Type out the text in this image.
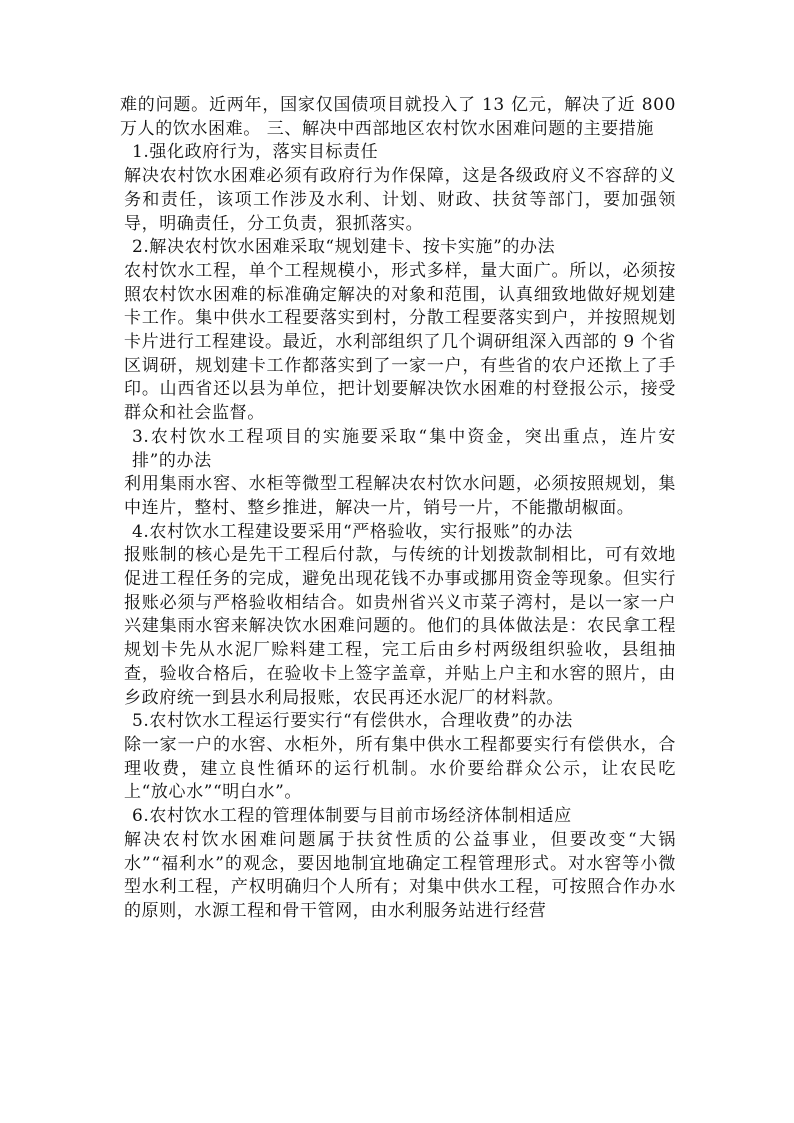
难的问题。近两年，国家仅国债项目就投入了 13 亿元，解决了近 800 万人的饮水困难。 三、解决中西部地区农村饮水困难问题的主要措施

1.强化政府行为，落实目标责任

解决农村饮水困难必须有政府行为作保障，这是各级政府义不容辞的义务和责任，该项工作涉及水利、计划、财政、扶贫等部门，要加强领导，明确责任，分工负责，狠抓落实。

2.解决农村饮水困难采取“规划建卡、按卡实施”的办法

农村饮水工程，单个工程规模小，形式多样，量大面广。所以，必须按照农村饮水困难的标准确定解决的对象和范围，认真细致地做好规划建卡工作。集中供水工程要落实到村，分散工程要落实到户，并按照规划卡片进行工程建设。最近，水利部组织了几个调研组深入西部的 9 个省区调研，规划建卡工作都落实到了一家一户，有些省的农户还揿上了手印。山西省还以县为单位，把计划要解决饮水困难的村登报公示，接受群众和社会监督。

3.农村饮水工程项目的实施要采取“集中资金，突出重点，连片安排”的办法

利用集雨水窖、水柜等微型工程解决农村饮水问题，必须按照规划，集中连片，整村、整乡推进，解决一片，销号一片，不能撒胡椒面。

4.农村饮水工程建设要采用“严格验收，实行报账”的办法

报账制的核心是先干工程后付款，与传统的计划拨款制相比，可有效地促进工程任务的完成，避免出现花钱不办事或挪用资金等现象。但实行报账必须与严格验收相结合。如贵州省兴义市菜子湾村，是以一家一户兴建集雨水窖来解决饮水困难问题的。他们的具体做法是：农民拿工程规划卡先从水泥厂赊料建工程，完工后由乡村两级组织验收，县组抽查，验收合格后，在验收卡上签字盖章，并贴上户主和水窖的照片，由乡政府统一到县水利局报账，农民再还水泥厂的材料款。

5.农村饮水工程运行要实行“有偿供水，合理收费”的办法

除一家一户的水窖、水柜外，所有集中供水工程都要实行有偿供水，合理收费，建立良性循环的运行机制。水价要给群众公示，让农民吃上“放心水”“明白水”。

6.农村饮水工程的管理体制要与目前市场经济体制相适应

解决农村饮水困难问题属于扶贫性质的公益事业，但要改变“大锅水”“福利水”的观念，要因地制宜地确定工程管理形式。对水窖等小微型水利工程，产权明确归个人所有；对集中供水工程，可按照合作办水的原则，水源工程和骨干管网，由水利服务站进行经营
